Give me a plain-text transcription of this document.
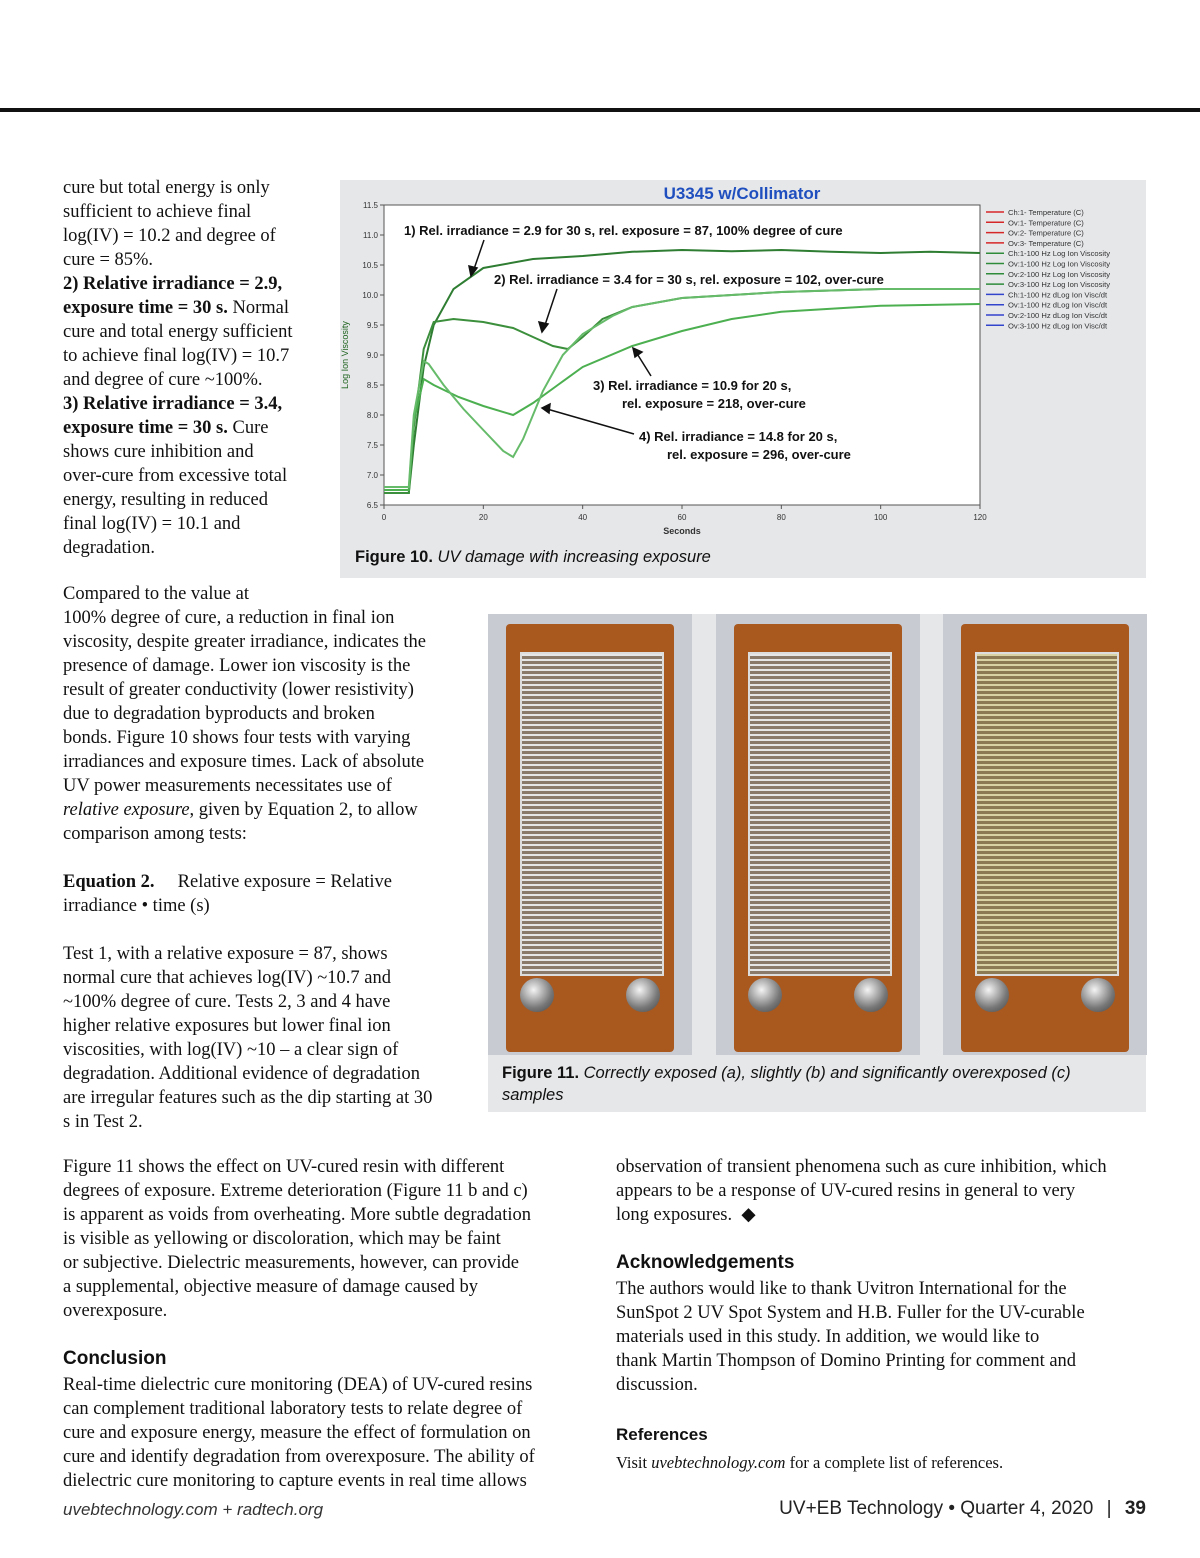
cure but total energy is only
sufficient to achieve final
log(IV) = 10.2 and degree of
cure = 85%.

2) Relative irradiance = 2.9,
exposure time = 30 s. Normal
cure and total energy sufficient
to achieve final log(IV) = 10.7
and degree of cure ~100%.

3) Relative irradiance = 3.4,
exposure time = 30 s. Cure
shows cure inhibition and
over-cure from excessive total
energy, resulting in reduced
final log(IV) = 10.1 and
degradation.

Compared to the value at
100% degree of cure, a reduction in final ion
viscosity, despite greater irradiance, indicates the
presence of damage. Lower ion viscosity is the
result of greater conductivity (lower resistivity)
due to degradation byproducts and broken
bonds. Figure 10 shows four tests with varying
irradiances and exposure times. Lack of absolute
UV power measurements necessitates use of
relative exposure, given by Equation 2, to allow
comparison among tests:

Equation 2. Relative exposure = Relative
irradiance • time (s)

Test 1, with a relative exposure = 87, shows
normal cure that achieves log(IV) ~10.7 and
~100% degree of cure. Tests 2, 3 and 4 have
higher relative exposures but lower final ion
viscosities, with log(IV) ~10 – a clear sign of
degradation. Additional evidence of degradation
are irregular features such as the dip starting at 30
s in Test 2.

Figure 11 shows the effect on UV-cured resin with different
degrees of exposure. Extreme deterioration (Figure 11 b and c)
is apparent as voids from overheating. More subtle degradation
is visible as yellowing or discoloration, which may be faint
or subjective. Dielectric measurements, however, can provide
a supplemental, objective measure of damage caused by
overexposure.

Conclusion

Real-time dielectric cure monitoring (DEA) of UV-cured resins
can complement traditional laboratory tests to relate degree of
cure and exposure energy, measure the effect of formulation on
cure and identify degradation from overexposure. The ability of
dielectric cure monitoring to capture events in real time allows

observation of transient phenomena such as cure inhibition, which
appears to be a response of UV-cured resins in general to very
long exposures. ◆

Acknowledgements

The authors would like to thank Uvitron International for the
SunSpot 2 UV Spot System and H.B. Fuller for the UV-curable
materials used in this study. In addition, we would like to
thank Martin Thompson of Domino Printing for comment and
discussion.

References

Visit uvebtechnology.com for a complete list of references.

U3345 w/Collimator
6.5
7.0
7.5
8.0
8.5
9.0
9.5
10.0
10.5
11.0
11.5
0	20	40	60	80	100	120
Log Ion Viscosity
Seconds
Ch:1- Temperature (C)
Ov:1- Temperature (C)
Ov:2- Temperature (C)
Ov:3- Temperature (C)
Ch:1-100 Hz Log Ion Viscosity
Ov:1-100 Hz Log Ion Viscosity
Ov:2-100 Hz Log Ion Viscosity
Ov:3-100 Hz Log Ion Viscosity
Ch:1-100 Hz dLog Ion Visc/dt
Ov:1-100 Hz dLog Ion Visc/dt
Ov:2-100 Hz dLog Ion Visc/dt
Ov:3-100 Hz dLog Ion Visc/dt
1) Rel. irradiance = 2.9 for 30 s, rel. exposure = 87, 100% degree of cure
2) Rel. irradiance = 3.4 for = 30 s, rel. exposure = 102, over-cure
3) Rel. irradiance = 10.9 for 20 s,
rel. exposure = 218, over-cure
4) Rel. irradiance = 14.8 for 20 s,
rel. exposure = 296, over-cure
Figure 10. UV damage with increasing exposure
Figure 11. Correctly exposed (a), slightly (b) and significantly overexposed (c)
samples
uvebtechnology.com + radtech.org	UV+EB Technology • Quarter 4, 2020 | 39
